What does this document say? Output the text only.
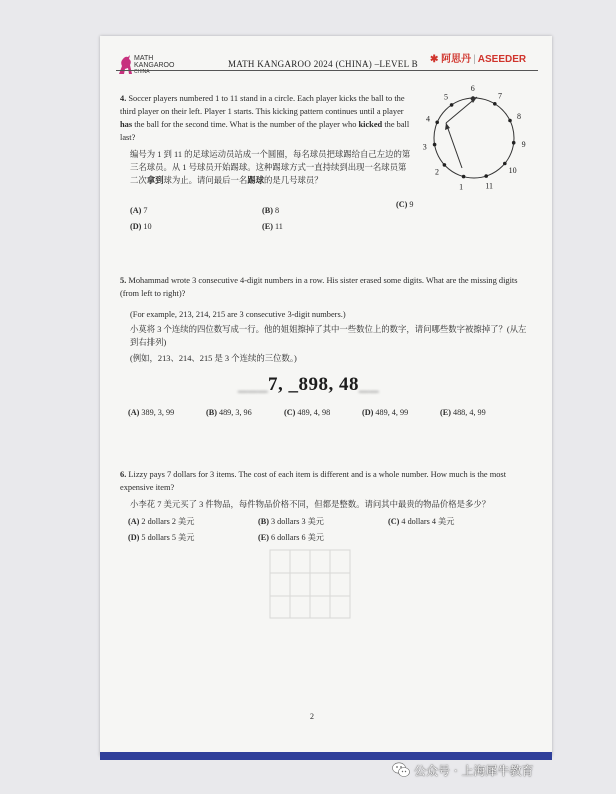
MATH
KANGAROO
CHINA
MATH KANGAROO 2024 (CHINA) –LEVEL B ✱ 阿思丹 | ASEEDER
4. Soccer players numbered 1 to 11 stand in a circle. Each player kicks the ball to the third player on their left. Player 1 starts. This kicking pattern continues until a player has the ball for the second time. What is the number of the player who kicked the ball last?
编号为 1 到 11 的足球运动员站成一个圆圈，每名球员把球踢给自己左边的第三名球员。从 1 号球员开始踢球。这种踢球方式一直持续到出现一名球员第二次拿到球为止。请问最后一名踢球的是几号球员？
1	11
10
9
8
7
6
5
4
3
2
(A) 7	(B) 8
(C) 9
(D) 10	(E) 11
5. Mohammad wrote 3 consecutive 4-digit numbers in a row. His sister erased some digits. What are the missing digits (from left to right)?
(For example, 213, 214, 215 are 3 consecutive 3-digit numbers.)
小莫将 3 个连续的四位数写成一行。他的姐姐擦掉了其中一些数位上的数字，请问哪些数字被擦掉了？(从左到右排列)
(例如，213、214、215 是 3 个连续的三位数。)
___7, _898, 48__
(A) 389, 3, 99	(B) 489, 3, 96	(C) 489, 4, 98	(D) 489, 4, 99	(E) 488, 4, 99
6. Lizzy pays 7 dollars for 3 items. The cost of each item is different and is a whole number. How much is the most expensive item?
小李花 7 美元买了 3 件物品，每件物品价格不同，但都是整数。请问其中最贵的物品价格是多少？
(A) 2 dollars 2 美元	(B) 3 dollars 3 美元	(C) 4 dollars 4 美元
(D) 5 dollars 5 美元	(E) 6 dollars 6 美元
2
公众号 · 上海犀牛教育
